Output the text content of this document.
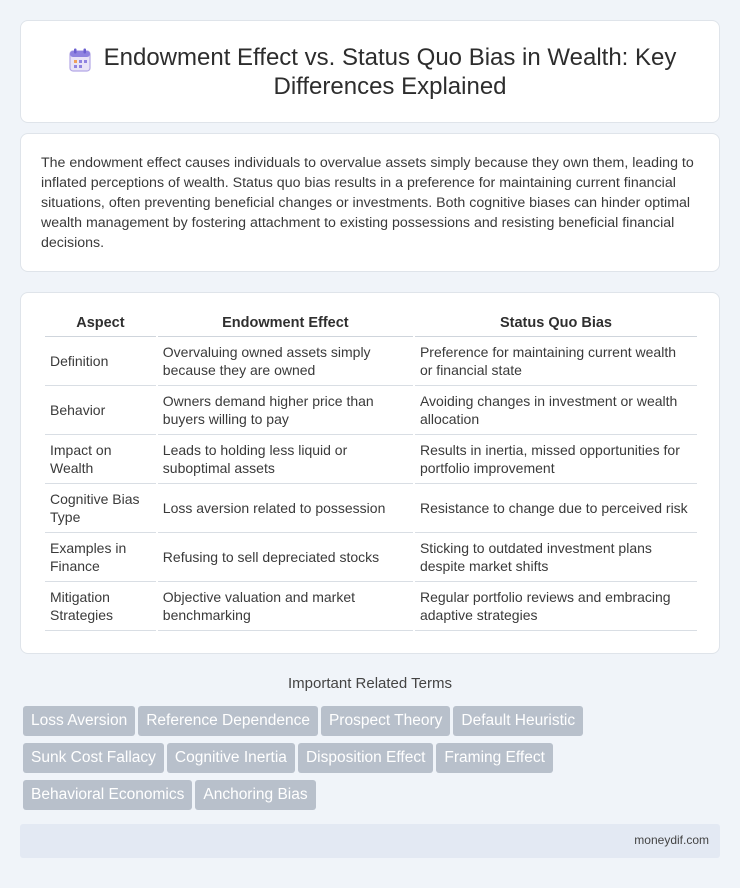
Endowment Effect vs. Status Quo Bias in Wealth: Key Differences Explained

The endowment effect causes individuals to overvalue assets simply because they own them, leading to inflated perceptions of wealth. Status quo bias results in a preference for maintaining current financial situations, often preventing beneficial changes or investments. Both cognitive biases can hinder optimal wealth management by fostering attachment to existing possessions and resisting beneficial financial decisions.

Aspect	Endowment Effect	Status Quo Bias
Definition	Overvaluing owned assets simply because they are owned	Preference for maintaining current wealth or financial state
Behavior	Owners demand higher price than buyers willing to pay	Avoiding changes in investment or wealth allocation
Impact on Wealth	Leads to holding less liquid or suboptimal assets	Results in inertia, missed opportunities for portfolio improvement
Cognitive Bias Type	Loss aversion related to possession	Resistance to change due to perceived risk
Examples in Finance	Refusing to sell depreciated stocks	Sticking to outdated investment plans despite market shifts
Mitigation Strategies	Objective valuation and market benchmarking	Regular portfolio reviews and embracing adaptive strategies
Important Related Terms
Loss Aversion Reference Dependence Prospect Theory Default Heuristic
Sunk Cost Fallacy Cognitive Inertia Disposition Effect Framing Effect
Behavioral Economics Anchoring Bias
moneydif.com
